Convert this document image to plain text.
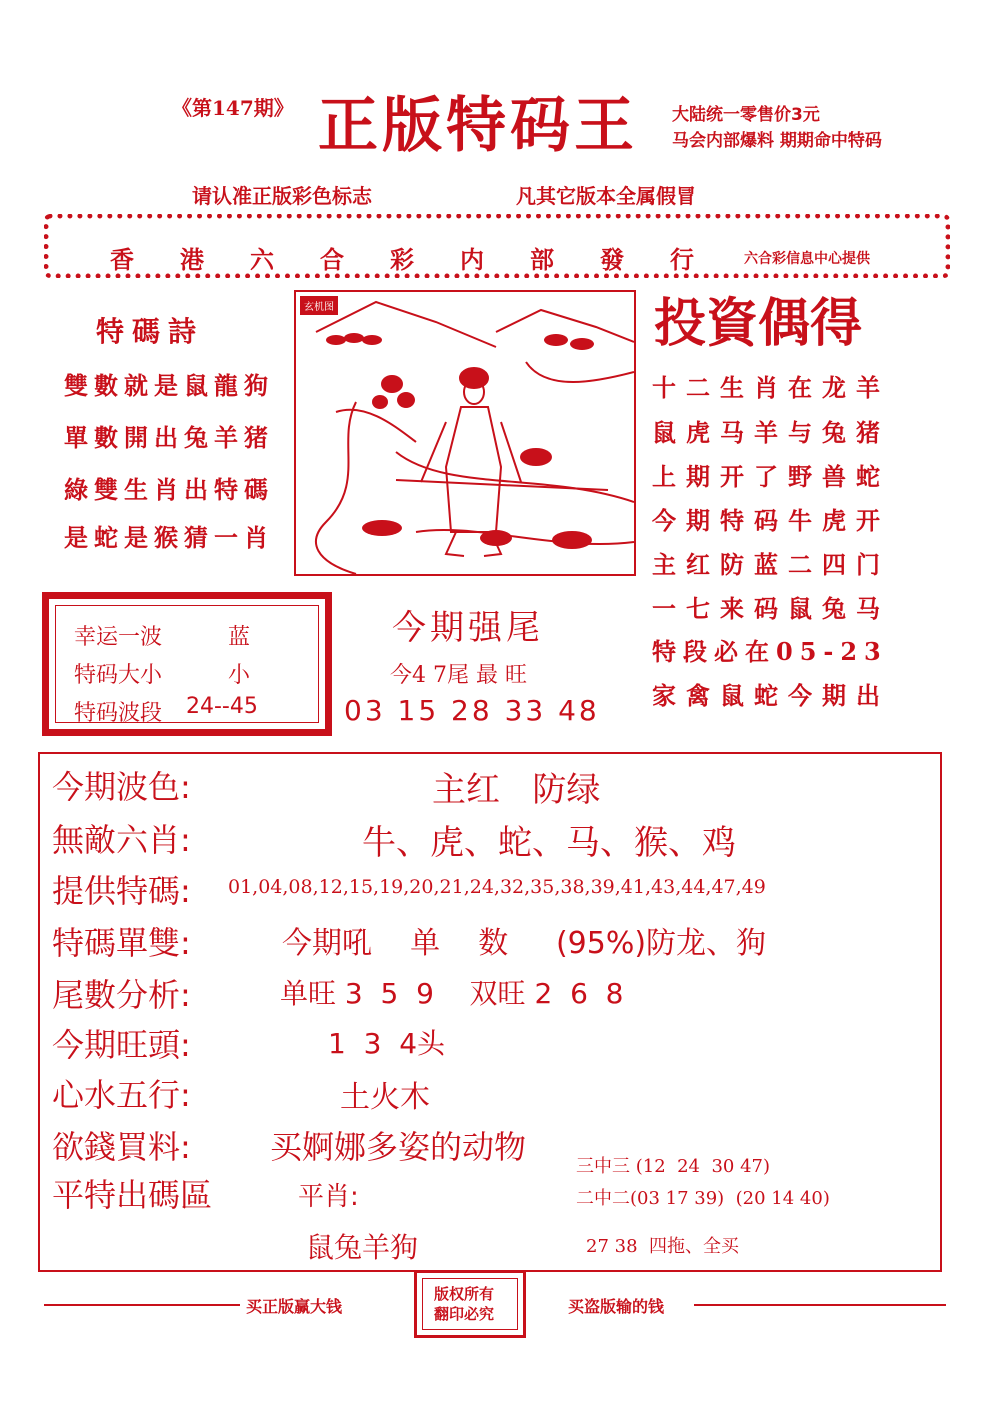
《第147期》 正版特码王 大陆统一零售价3元
马会内部爆料 期期命中特码
请认准正版彩色标志	凡其它版本全属假冒
香 港 六 合 彩 内 部 發 行	六合彩信息中心提供
特碼詩
雙數就是鼠龍狗
單數開出兔羊猪
綠雙生肖出特碼
是蛇是猴猜一肖
玄机图	投資偶得
十二生肖在龙羊
鼠虎马羊与兔猪
上期开了野兽蛇
今期特码牛虎开
主红防蓝二四门
一七来码鼠兔马
特段必在05-23
家禽鼠蛇今期出
幸运一波	蓝
特码大小	小
特码波段 24--45
今期强尾
今4 7尾 最 旺
03 15 28 33 48
今期波色:	主红   防绿
無敵六肖:	牛、虎、蛇、马、猴、鸡
提供特碼: 01,04,08,12,15,19,20,21,24,32,35,38,39,41,43,44,47,49
特碼單雙:	今期吼    单    数     (95%)防龙、狗
尾數分析:	单旺 3  5  9    双旺 2  6  8
今期旺頭:	1  3  4头
心水五行:	土火木
欲錢買料: 买婀娜多姿的动物
平特出碼區	平肖:
鼠兔羊狗
三中三 (12  24  30 47)
二中二(03 17 39)  (20 14 40)
27 38  四拖、全买
买正版赢大钱
版权所有
翻印必究	买盗版输的钱
